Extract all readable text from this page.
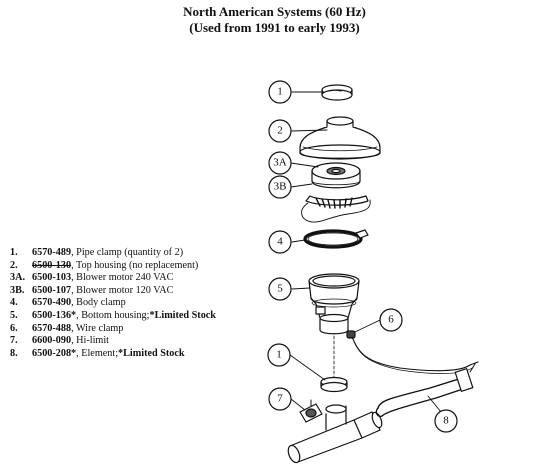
North American Systems (60 Hz)
(Used from 1991 to early 1993)
1.	6570-489 , Pipe clamp (quantity of 2)
2.	6500-130 , Top housing (no replacement)
3A. 6500-103 , Blower motor 240 VAC
3B. 6500-107 , Blower motor 120 VAC
4.	6570-490 , Body clamp
5.	6500-136* , Bottom housing; *Limited Stock
6.	6570-488 , Wire clamp
7.	6600-090 , Hi-limit
8.	6500-208* , Element; *Limited Stock
1
2
3A
3B
4
5
6
1
7
8
